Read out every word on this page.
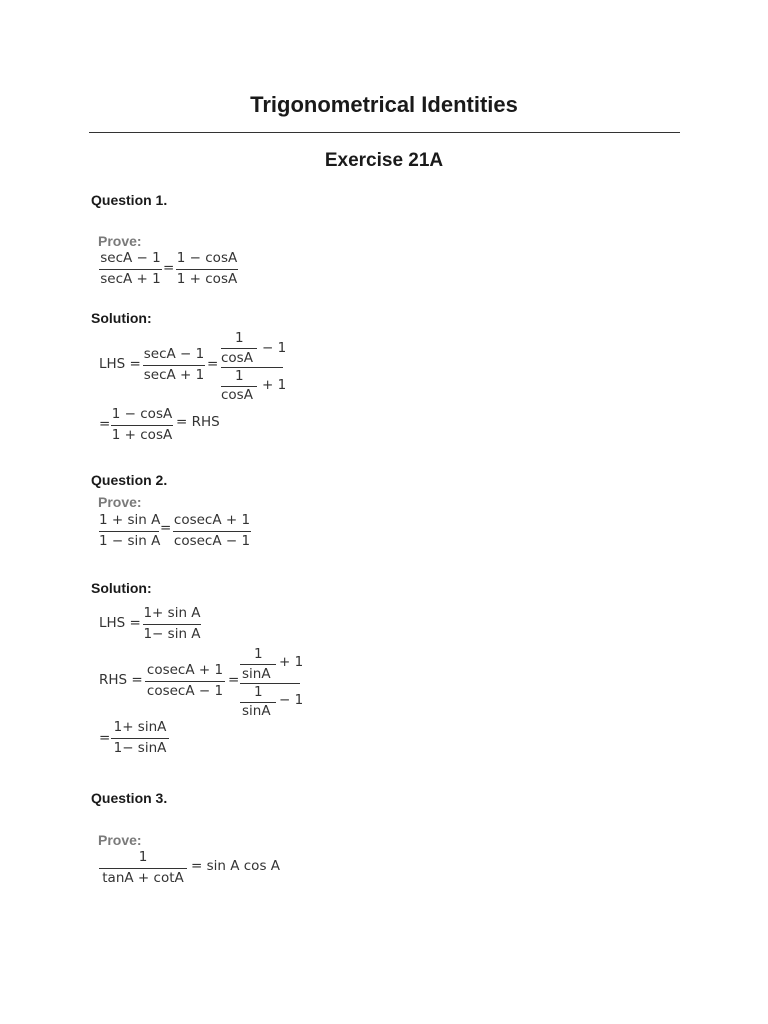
Trigonometrical Identities
Exercise 21A
Question 1.
Prove:
secA − 1
secA + 1
=
1 − cosA
1 + cosA
Solution:
LHS =
secA − 1
secA + 1
=
1
cosA
− 1
1
cosA
+ 1
=
1 − cosA
1 + cosA
= RHS
Question 2.
Prove:
1 + sin A
1 − sin A
= cosecA + 1
cosecA − 1
Solution:
LHS =
1+ sin A
1− sin A
RHS =
cosecA + 1
cosecA − 1
=
1
sinA
+ 1
1
sinA
− 1
=
1+ sinA
1− sinA
Question 3.
Prove:
1
tanA + cotA
= sin A cos A
